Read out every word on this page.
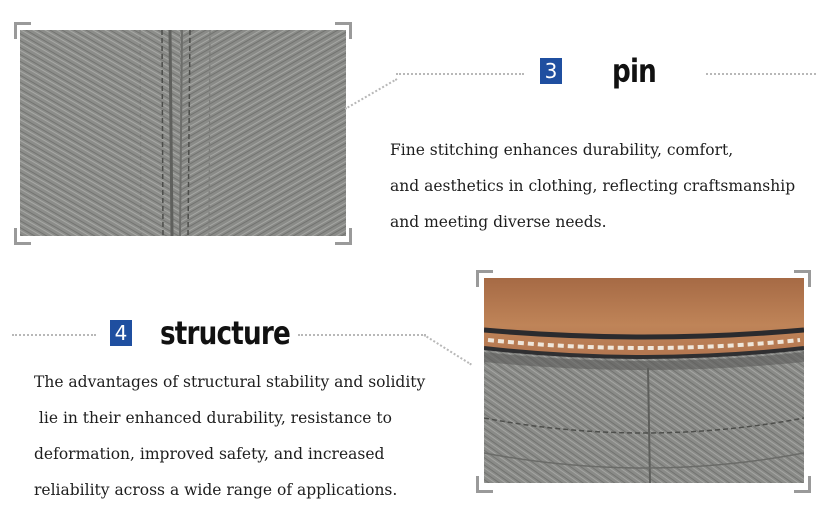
3 pin
Fine stitching enhances durability, comfort,
and aesthetics in clothing, reflecting craftsmanship
and meeting diverse needs.
4 structure
The advantages of structural stability and solidity
lie in their enhanced durability, resistance to
deformation, improved safety, and increased
reliability across a wide range of applications.
